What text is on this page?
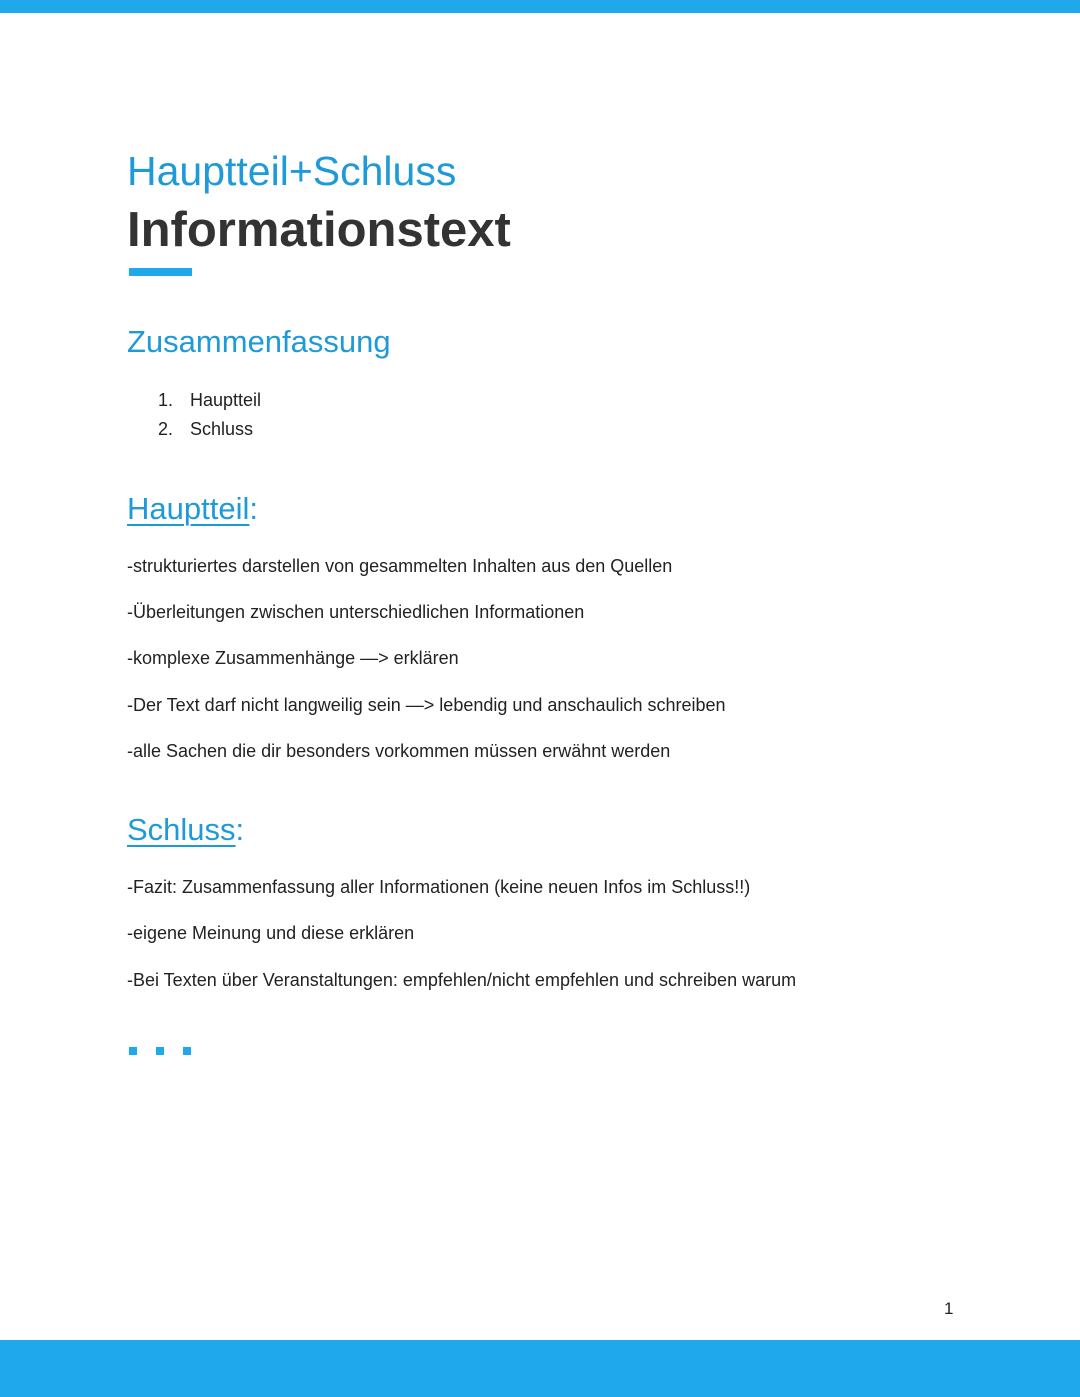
Hauptteil+Schluss
Informationstext
Zusammenfassung
1. Hauptteil
2. Schluss
Hauptteil:
-strukturiertes darstellen von gesammelten Inhalten aus den Quellen
-Überleitungen zwischen unterschiedlichen Informationen
-komplexe Zusammenhänge —> erklären
-Der Text darf nicht langweilig sein —> lebendig und anschaulich schreiben
-alle Sachen die dir besonders vorkommen müssen erwähnt werden
Schluss:
-Fazit: Zusammenfassung aller Informationen (keine neuen Infos im Schluss!!)
-eigene Meinung und diese erklären
-Bei Texten über Veranstaltungen: empfehlen/nicht empfehlen und schreiben warum
1
